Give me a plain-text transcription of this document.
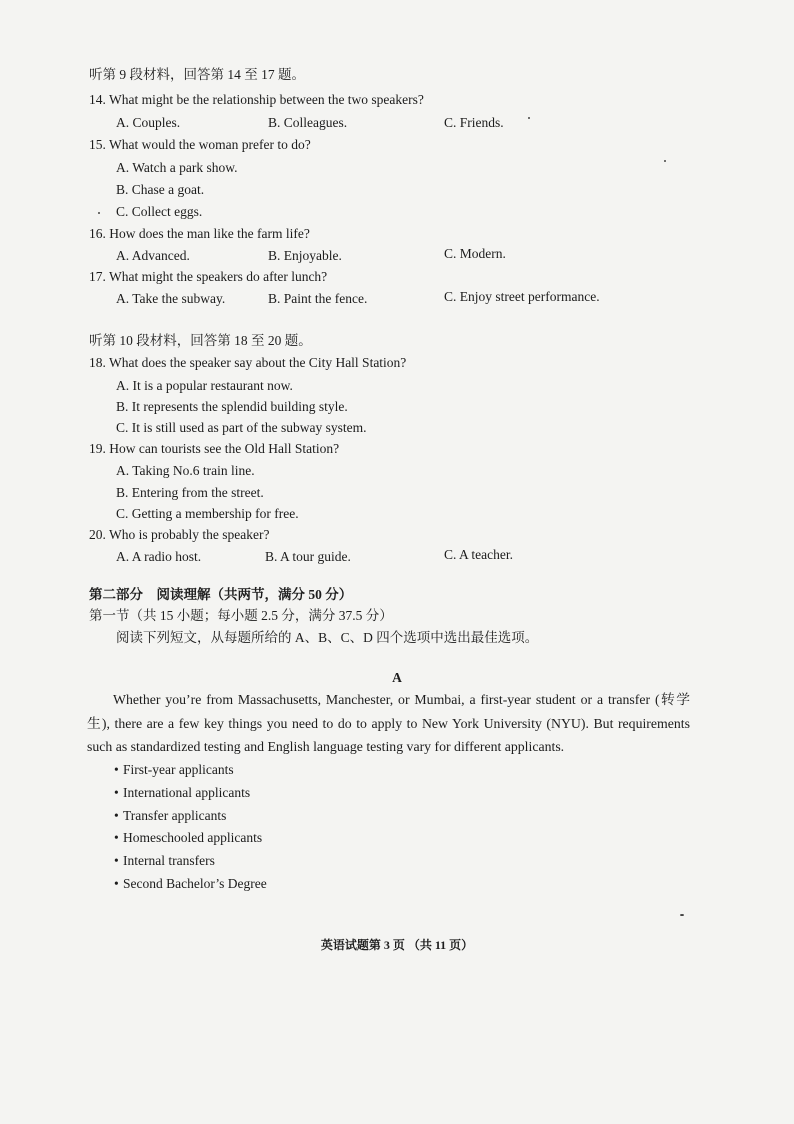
听第 9 段材料，回答第 14 至 17 题。
14. What might be the relationship between the two speakers?
A. Couples.	B. Colleagues.	C. Friends.
15. What would the woman prefer to do?
A. Watch a park show.
B. Chase a goat.
C. Collect eggs.
16. How does the man like the farm life?
A. Advanced.	B. Enjoyable.	C. Modern.
17. What might the speakers do after lunch?
A. Take the subway.	B. Paint the fence.	C. Enjoy street performance.
听第 10 段材料，回答第 18 至 20 题。
18. What does the speaker say about the City Hall Station?
A. It is a popular restaurant now.
B. It represents the splendid building style.
C. It is still used as part of the subway system.
19. How can tourists see the Old Hall Station?
A. Taking No.6 train line.
B. Entering from the street.
C. Getting a membership for free.
20. Who is probably the speaker?
A. A radio host.	B. A tour guide.	C. A teacher.
第二部分　阅读理解（共两节，满分 50 分）
第一节（共 15 小题；每小题 2.5 分，满分 37.5 分）
阅读下列短文，从每题所给的 A、B、C、D 四个选项中选出最佳选项。
A
Whether you’re from Massachusetts, Manchester, or Mumbai, a first-year student or a transfer (转学生), there are a few key things you need to do to apply to New York University (NYU). But requirements such as standardized testing and English language testing vary for different applicants.
• First-year applicants
• International applicants
• Transfer applicants
• Homeschooled applicants
• Internal transfers
• Second Bachelor’s Degree
英语试题第 3 页 （共 11 页）
